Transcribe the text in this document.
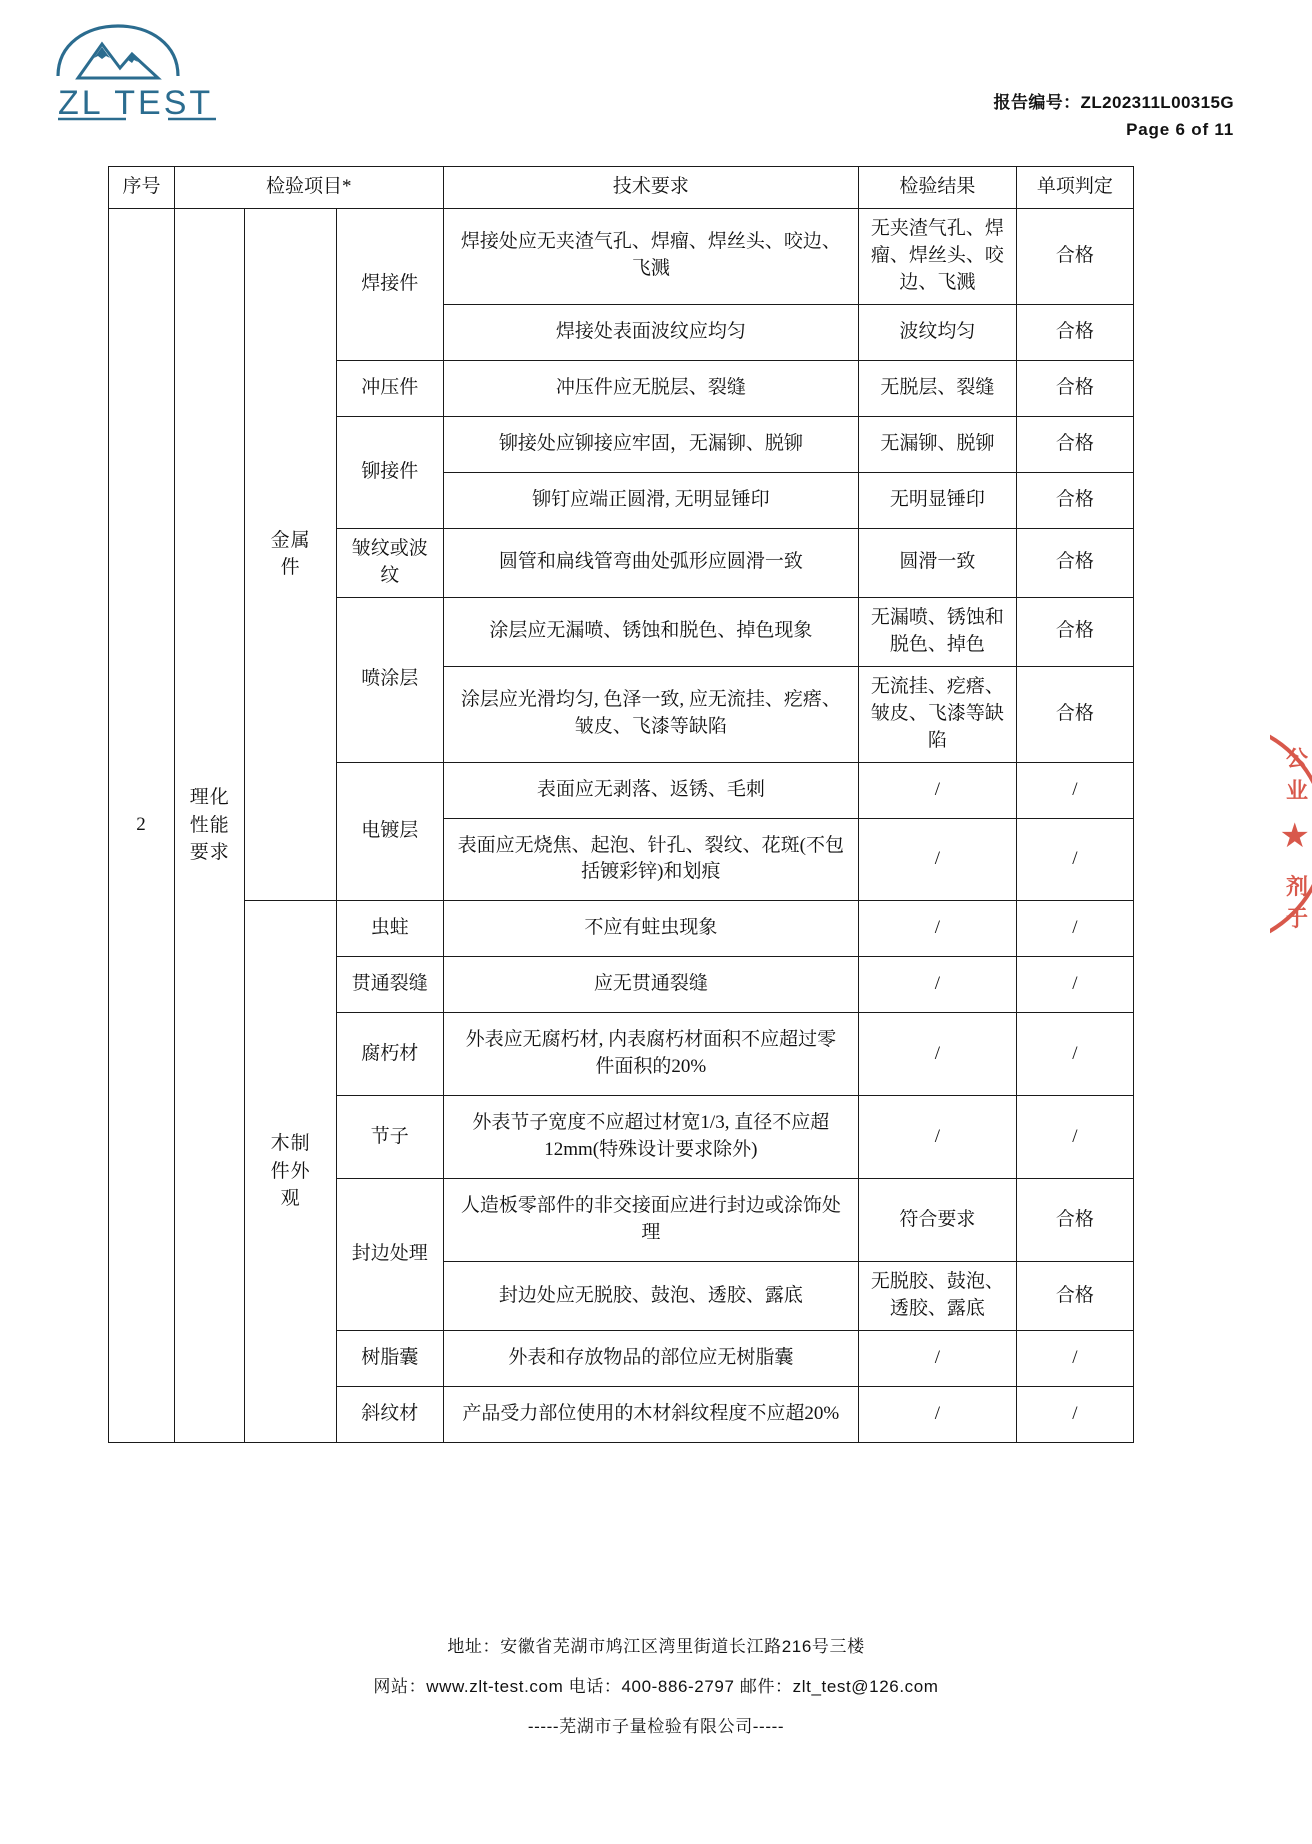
ZL TEST	报告编号：ZL202311L00315G
Page 6 of 11
公
业
★
剂
于
序号	检验项目*			技术要求	检验结果	单项判定
2	理化性能要求	金属件	焊接件	焊接处应无夹渣气孔、焊瘤、焊丝头、咬边、飞溅	无夹渣气孔、焊瘤、焊丝头、咬边、飞溅	合格
				焊接处表面波纹应均匀	波纹均匀	合格
			冲压件	冲压件应无脱层、裂缝	无脱层、裂缝	合格
			铆接件	铆接处应铆接应牢固，无漏铆、脱铆	无漏铆、脱铆	合格
				铆钉应端正圆滑, 无明显锤印	无明显锤印	合格
			皱纹或波纹	圆管和扁线管弯曲处弧形应圆滑一致	圆滑一致	合格
			喷涂层	涂层应无漏喷、锈蚀和脱色、掉色现象	无漏喷、锈蚀和脱色、掉色	合格
				涂层应光滑均匀, 色泽一致, 应无流挂、疙瘩、皱皮、飞漆等缺陷	无流挂、疙瘩、皱皮、飞漆等缺陷	合格
			电镀层	表面应无剥落、返锈、毛刺	/	/
				表面应无烧焦、起泡、针孔、裂纹、花斑(不包括镀彩锌)和划痕	/	/
		木制件外观	虫蛀	不应有蛀虫现象	/	/
			贯通裂缝	应无贯通裂缝	/	/
			腐朽材	外表应无腐朽材, 内表腐朽材面积不应超过零件面积的20%	/	/
			节子	外表节子宽度不应超过材宽1/3, 直径不应超12mm(特殊设计要求除外)	/	/
			封边处理	人造板零部件的非交接面应进行封边或涂饰处理	符合要求	合格
				封边处应无脱胶、鼓泡、透胶、露底	无脱胶、鼓泡、透胶、露底	合格
			树脂囊	外表和存放物品的部位应无树脂囊	/	/
			斜纹材	产品受力部位使用的木材斜纹程度不应超20%	/	/
地址：安徽省芜湖市鸠江区湾里街道长江路216号三楼
网站：www.zlt-test.com 电话：400-886-2797 邮件：zlt_test@126.com
-----芜湖市子量检验有限公司-----
